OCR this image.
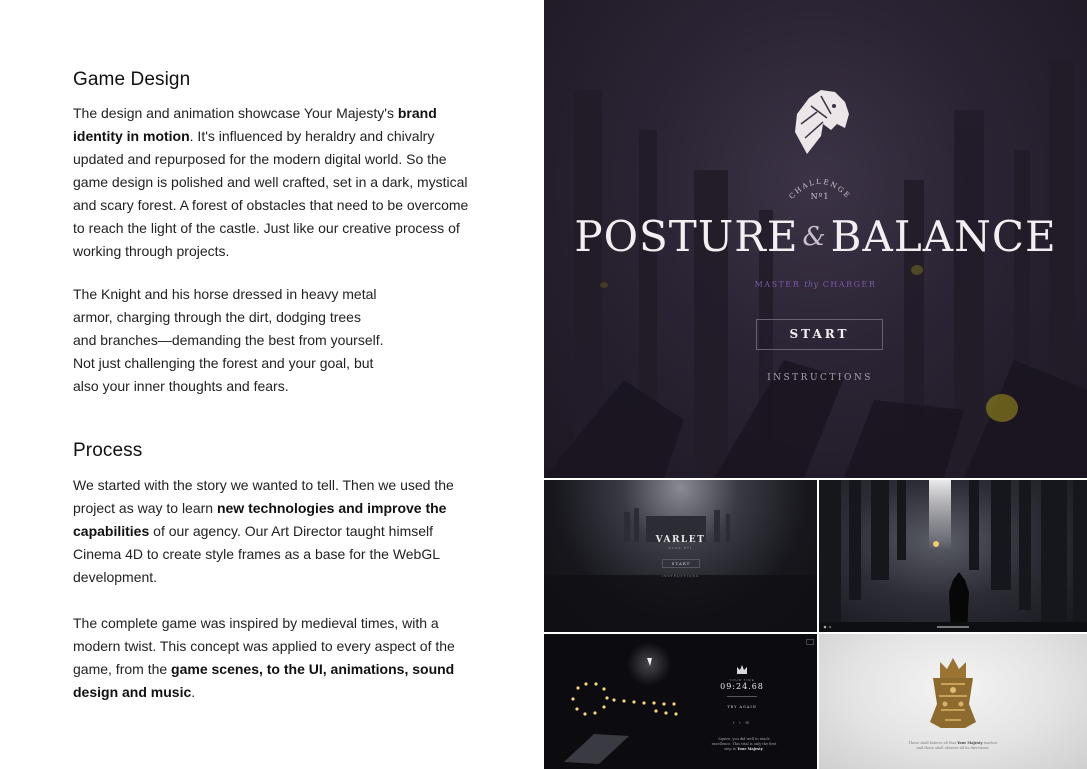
Game Design

The design and animation showcase Your Majesty's brand identity in motion. It's influenced by heraldry and chivalry updated and repurposed for the modern digital world. So the game design is polished and well crafted, set in a dark, mystical and scary forest. A forest of obstacles that need to be overcome to reach the light of the castle. Just like our creative process of working through projects.

The Knight and his horse dressed in heavy metal armor, charging through the dirt, dodging trees and branches—demanding the best from yourself. Not just challenging the forest and your goal, but also your inner thoughts and fears.

Process

We started with the story we wanted to tell. Then we used the project as way to learn new technologies and improve the capabilities of our agency. Our Art Director taught himself Cinema 4D to create style frames as a base for the WebGL development.

The complete game was inspired by medieval times, with a modern twist. This concept was applied to every aspect of the game, from the game scenes, to the UI, animations, sound design and music.

CHALLENGE
Nº1
POSTURE &BALANCE
MASTER thy CHARGER
START
INSTRUCTIONS
VARLET
RANK Nº1
START
INSTRUCTIONS
YOUR TIME
09:24.68
TRY AGAIN
f t ✉
Squire, you did well to reach excellence. This trial is only the first step to Your Majesty.
Those shall believe all that Your Majesty teaches and those shall observe all its directions.
